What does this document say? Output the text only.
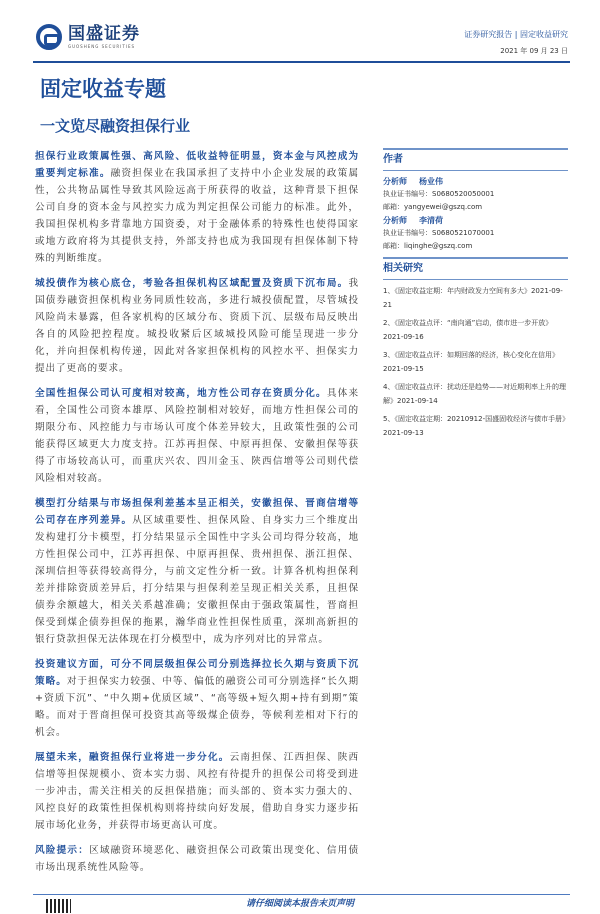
国盛证券
GUOSHENG SECURITIES
证券研究报告 | 固定收益研究
2021 年 09 月 23 日
固定收益专题
一文览尽融资担保行业

担保行业政策属性强、高风险、低收益特征明显，资本金与风控成为重要判定标准。融资担保业在我国承担了支持中小企业发展的政策属性，公共物品属性导致其风险远高于所获得的收益，这种背景下担保公司自身的资本金与风控实力成为判定担保公司能力的标准。此外，我国担保机构多背靠地方国资委，对于金融体系的特殊性也使得国家或地方政府将为其提供支持，外部支持也成为我国现有担保体制下特殊的判断维度。

城投债作为核心底仓，考验各担保机构区域配置及资质下沉布局。我国债券融资担保机构业务同质性较高，多进行城投债配置，尽管城投风险尚未暴露，但各家机构的区域分布、资质下沉、层级布局反映出各自的风险把控程度。城投收紧后区域城投风险可能呈现进一步分化，并向担保机构传递，因此对各家担保机构的风控水平、担保实力提出了更高的要求。

全国性担保公司认可度相对较高，地方性公司存在资质分化。具体来看，全国性公司资本雄厚、风险控制相对较好，而地方性担保公司的期限分布、风控能力与市场认可度个体差异较大，且政策性强的公司能获得区域更大力度支持。江苏再担保、中原再担保、安徽担保等获得了市场较高认可，而重庆兴农、四川金玉、陕西信增等公司则代偿风险相对较高。

模型打分结果与市场担保利差基本呈正相关，安徽担保、晋商信增等公司存在序列差异。从区域重要性、担保风险、自身实力三个维度出发构建打分卡模型，打分结果显示全国性中字头公司均得分较高，地方性担保公司中，江苏再担保、中原再担保、贵州担保、浙江担保、深圳信担等获得较高得分，与前文定性分析一致。计算各机构担保利差并排除资质差异后，打分结果与担保利差呈现正相关关系，且担保债券余额越大，相关关系越准确；安徽担保由于强政策属性，晋商担保受到煤企债券担保的拖累，瀚华商业性担保性质重，深圳高新担的银行贷款担保无法体现在打分模型中，成为序列对比的异常点。

投资建议方面，可分不同层级担保公司分别选择拉长久期与资质下沉策略。对于担保实力较强、中等、偏低的融资公司可分别选择“长久期+资质下沉”、“中久期+优质区域”、“高等级+短久期+持有到期”策略。而对于晋商担保可投资其高等级煤企债券，等候利差相对下行的机会。

展望未来，融资担保行业将进一步分化。云南担保、江西担保、陕西信增等担保规模小、资本实力弱、风控有待提升的担保公司将受到进一步冲击，需关注相关的反担保措施；而头部的、资本实力强大的、风控良好的政策性担保机构则将持续向好发展，借助自身实力逐步拓展市场化业务，并获得市场更高认可度。

风险提示：区域融资环境恶化、融资担保公司政策出现变化、信用债市场出现系统性风险等。

作者
分析师 杨业伟
执业证书编号：S0680520050001
邮箱：yangyewei@gszq.com
分析师 李清荷
执业证书编号：S0680521070001
邮箱：liqinghe@gszq.com
相关研究
1、《固定收益定期：年内财政发力空间有多大》2021-09-21
2、《固定收益点评：“南向通”启动，债市进一步开放》2021-09-16
3、《固定收益点评：如期回落的经济，核心变化在信用》2021-09-15
4、《固定收益点评：扰动还是趋势——对近期利率上升的理解》2021-09-14
5、《固定收益定期：20210912-国盛固收经济与债市手册》2021-09-13
请仔细阅读本报告末页声明
